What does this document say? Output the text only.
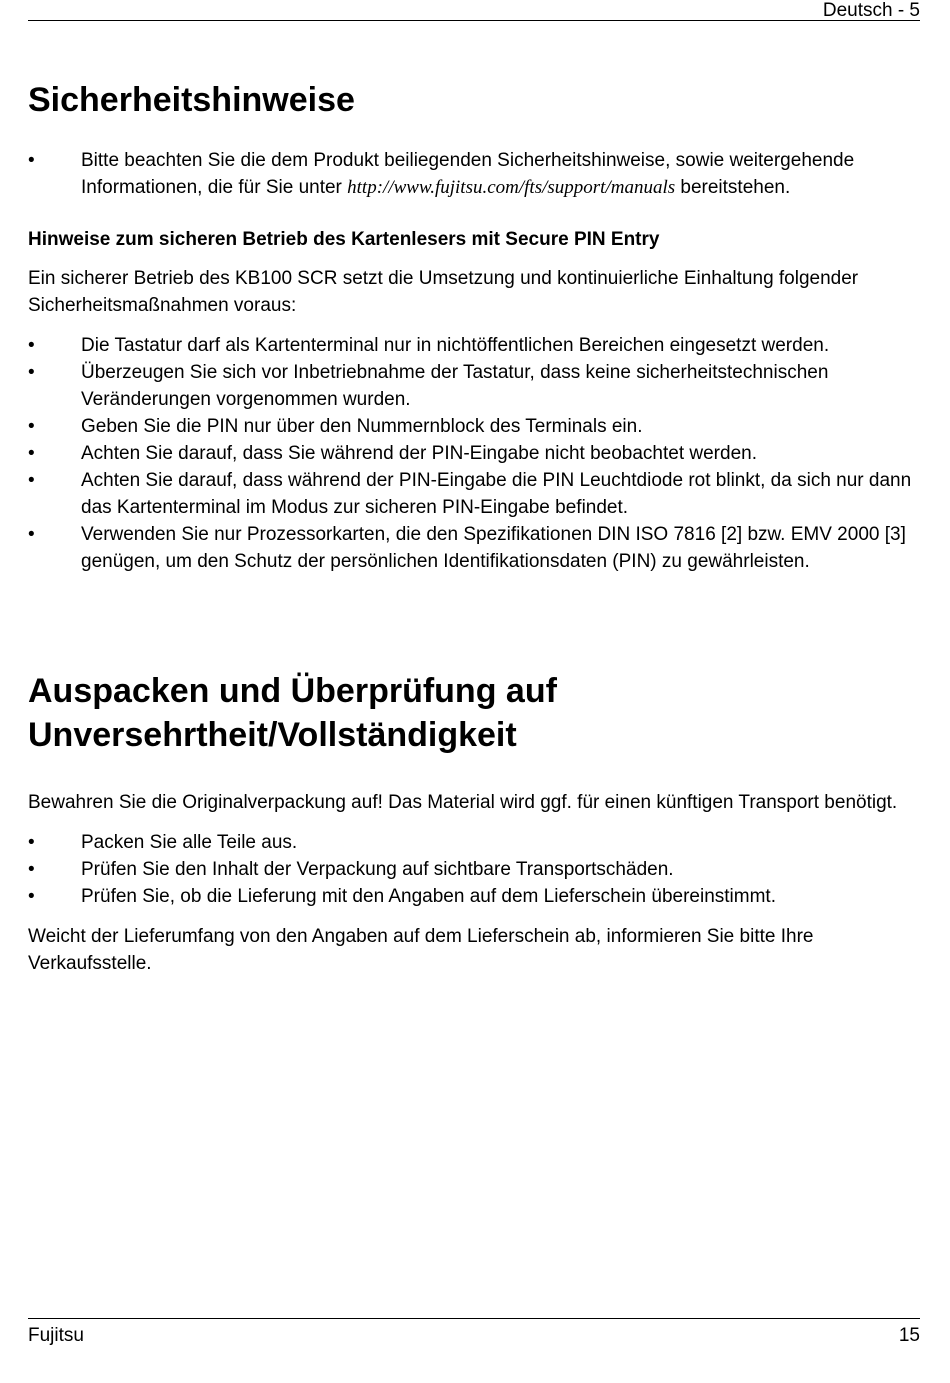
Deutsch - 5
Sicherheitshinweise
•	Bitte beachten Sie die dem Produkt beiliegenden Sicherheitshinweise, sowie weitergehende Informationen, die für Sie unter http://www.fujitsu.com/fts/support/manuals bereitstehen.
Hinweise zum sicheren Betrieb des Kartenlesers mit Secure PIN Entry

Ein sicherer Betrieb des KB100 SCR setzt die Umsetzung und kontinuierliche Einhaltung folgender Sicherheitsmaßnahmen voraus:

•	Die Tastatur darf als Kartenterminal nur in nichtöffentlichen Bereichen eingesetzt werden.
•	Überzeugen Sie sich vor Inbetriebnahme der Tastatur, dass keine sicherheitstechnischen Veränderungen vorgenommen wurden.
•	Geben Sie die PIN nur über den Nummernblock des Terminals ein.
•	Achten Sie darauf, dass Sie während der PIN-Eingabe nicht beobachtet werden.
•	Achten Sie darauf, dass während der PIN-Eingabe die PIN Leuchtdiode rot blinkt, da sich nur dann das Kartenterminal im Modus zur sicheren PIN-Eingabe befindet.
•	Verwenden Sie nur Prozessorkarten, die den Spezifikationen DIN ISO 7816 [2] bzw. EMV 2000 [3] genügen, um den Schutz der persönlichen Identifikationsdaten (PIN) zu gewährleisten.
Auspacken und Überprüfung auf
Unversehrtheit/Vollständigkeit

Bewahren Sie die Originalverpackung auf! Das Material wird ggf. für einen künftigen Transport benötigt.

•	Packen Sie alle Teile aus.
•	Prüfen Sie den Inhalt der Verpackung auf sichtbare Transportschäden.
•	Prüfen Sie, ob die Lieferung mit den Angaben auf dem Lieferschein übereinstimmt.

Weicht der Lieferumfang von den Angaben auf dem Lieferschein ab, informieren Sie bitte Ihre Verkaufsstelle.

Fujitsu	15
